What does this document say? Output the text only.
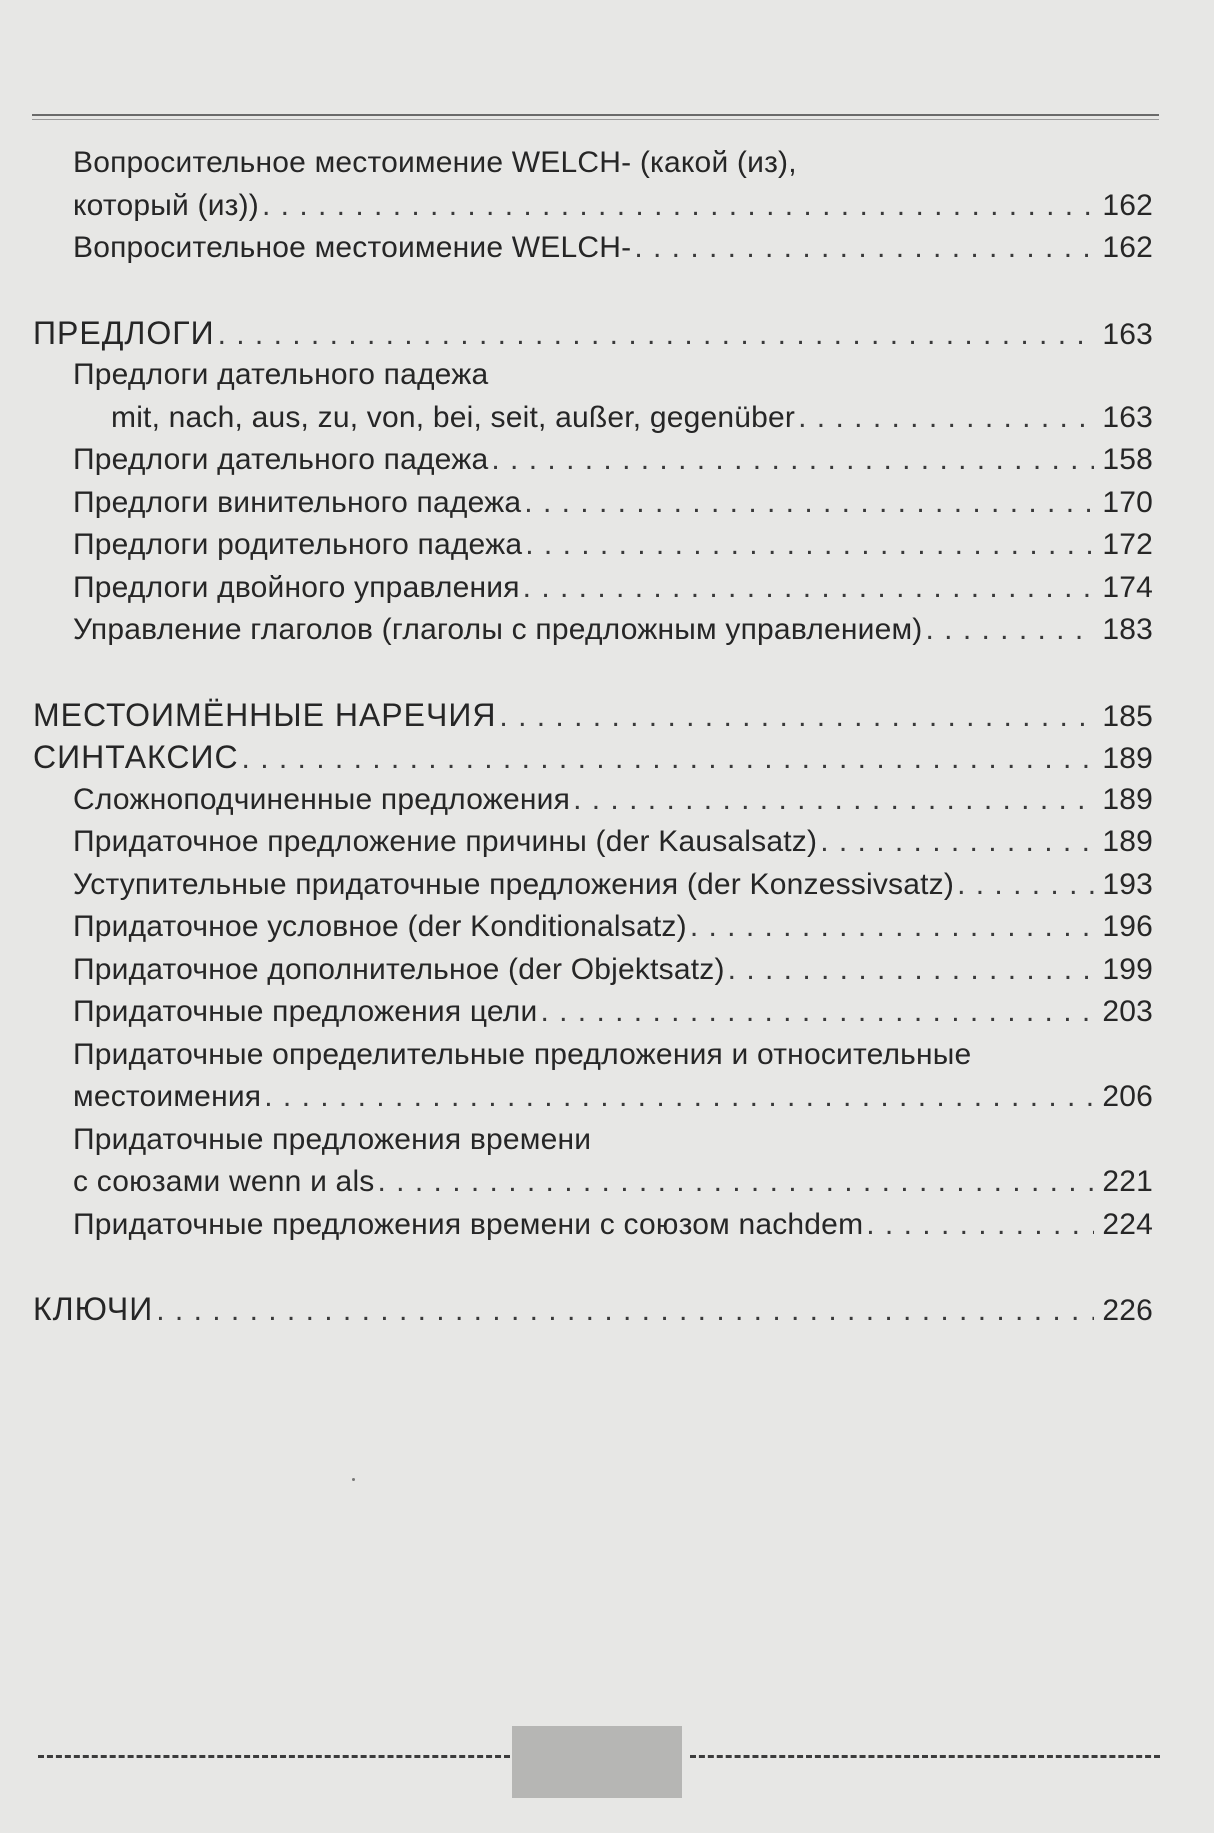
Вопросительное местоимение WELCH- (какой (из),
который (из)) . . .	162
Вопросительное местоимение WELCH- . . .	162
ПРЕДЛОГИ . . .	163
Предлоги дательного падежа
mit, nach, aus, zu, von, bei, seit, außer, gegenüber . . .	163
Предлоги дательного падежа . . .	158
Предлоги винительного падежа . . .	170
Предлоги родительного падежа . . .	172
Предлоги двойного управления . . .	174
Управление глаголов (глаголы с предложным управлением) . . .	183
МЕСТОИМЁННЫЕ НАРЕЧИЯ . . .	185
СИНТАКСИС . . .	189
Сложноподчиненные предложения . . .	189
Придаточное предложение причины (der Kausalsatz) . . .	189
Уступительные придаточные предложения (der Konzessivsatz) . . .	193
Придаточное условное (der Konditionalsatz) . . .	196
Придаточное дополнительное (der Objektsatz) . . .	199
Придаточные предложения цели . . .	203
Придаточные определительные предложения и относительные
местоимения . . .	206
Придаточные предложения времени
с союзами wenn и als . . .	221
Придаточные предложения времени с союзом nachdem . . .	224
КЛЮЧИ . . .	226
